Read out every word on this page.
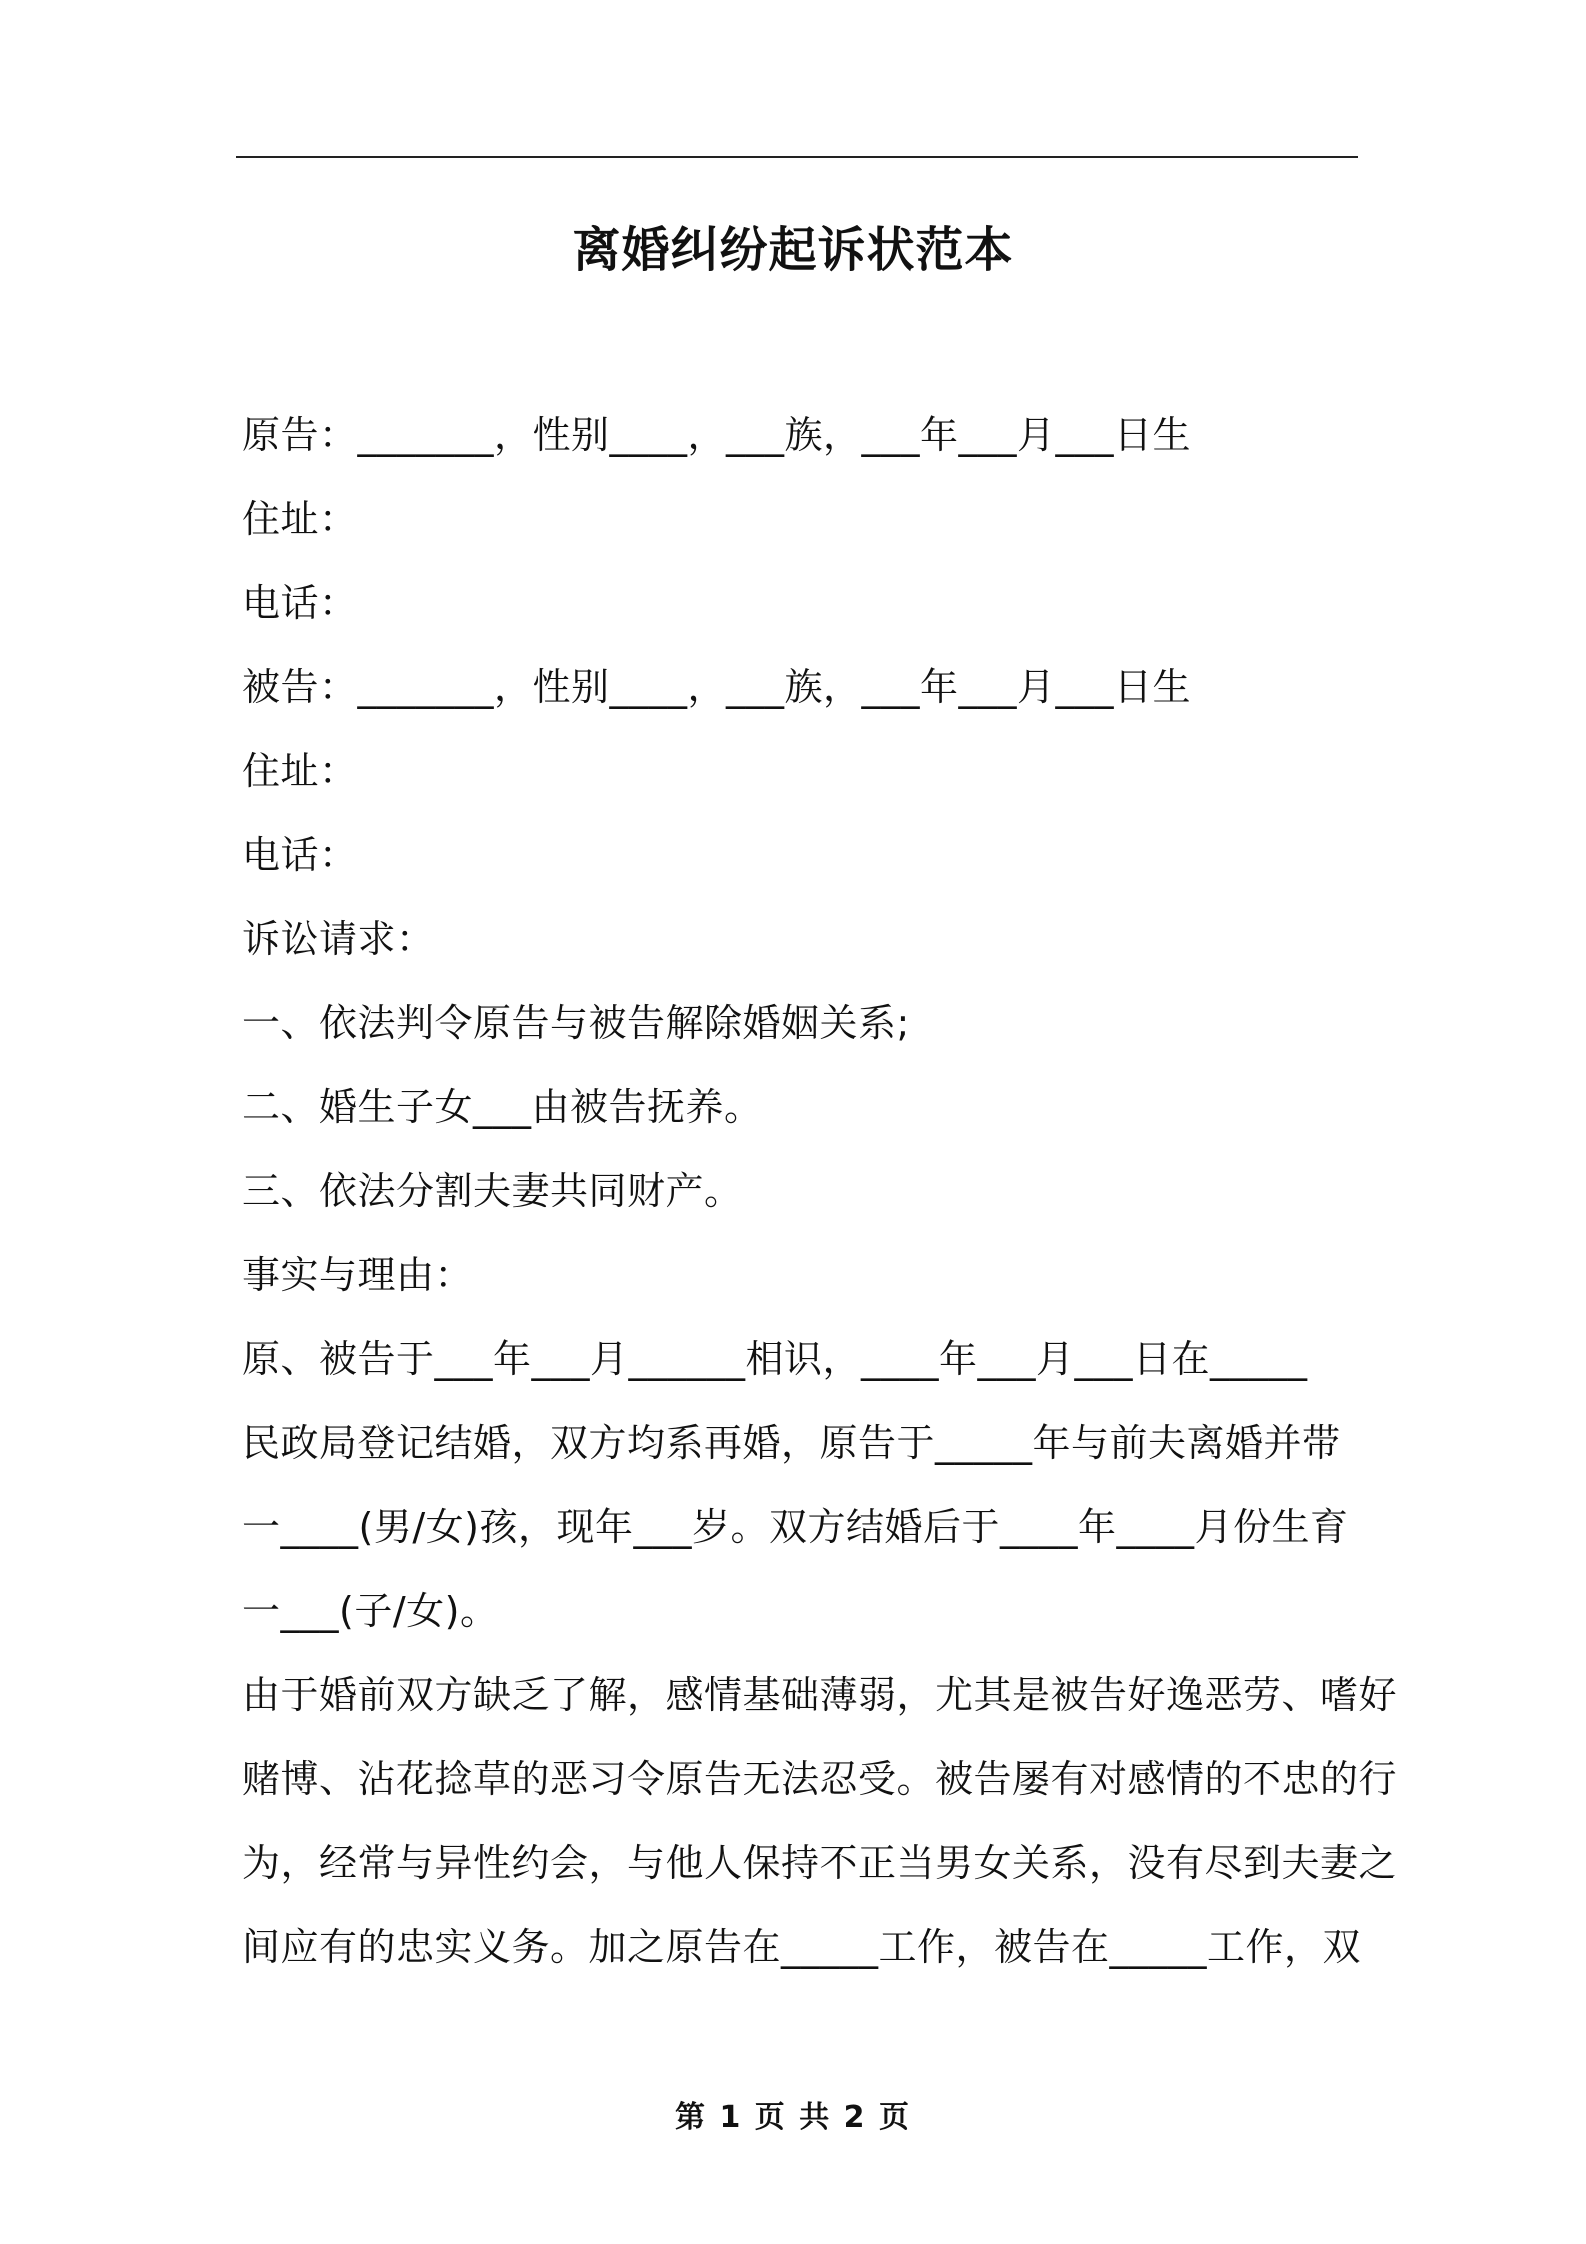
离婚纠纷起诉状范本
原告：_______，性别____，___族，___年___月___日生
住址：
电话：
被告：_______，性别____，___族，___年___月___日生
住址：
电话：
诉讼请求：
一、依法判令原告与被告解除婚姻关系;
二、婚生子女___由被告抚养。
三、依法分割夫妻共同财产。
事实与理由：
原、被告于___年___月______相识，____年___月___日在_____
民政局登记结婚，双方均系再婚，原告于_____年与前夫离婚并带
一____(男/女)孩，现年___岁。双方结婚后于____年____月份生育
一___(子/女)。
由于婚前双方缺乏了解，感情基础薄弱，尤其是被告好逸恶劳、嗜好
赌博、沾花捻草的恶习令原告无法忍受。被告屡有对感情的不忠的行
为，经常与异性约会，与他人保持不正当男女关系，没有尽到夫妻之
间应有的忠实义务。加之原告在_____工作，被告在_____工作，双
第 1 页 共 2 页
